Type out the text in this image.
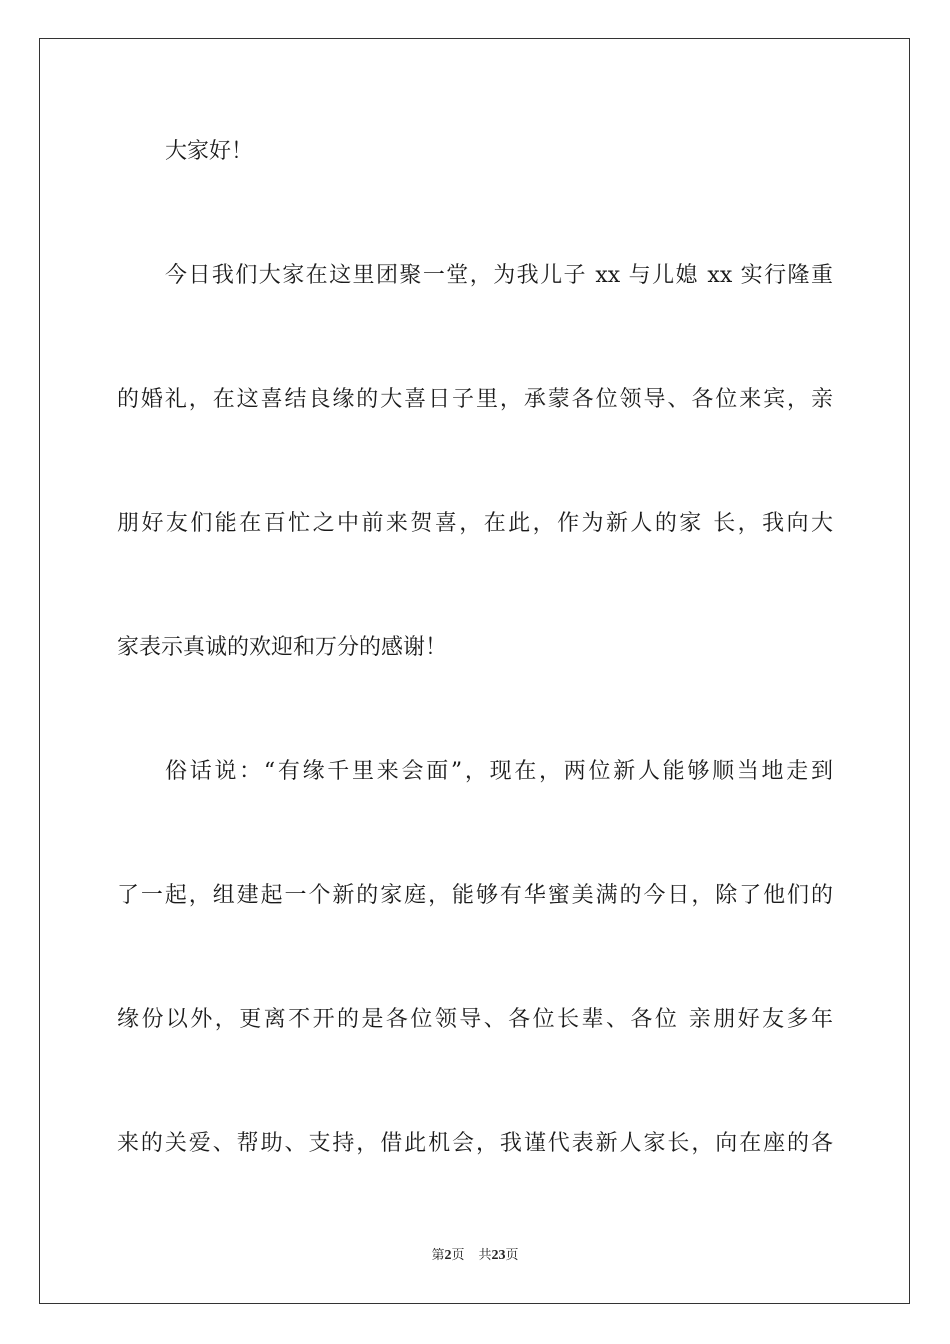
大家好！
今日我们大家在这里团聚一堂，为我儿子 xx 与儿媳 xx 实行隆重
的婚礼，在这喜结良缘的大喜日子里，承蒙各位领导、各位来宾，亲
朋好友们能在百忙之中前来贺喜，在此，作为新人的家 长，我向大
家表示真诚的欢迎和万分的感谢！
俗话说：“有缘千里来会面”，现在，两位新人能够顺当地走到
了一起，组建起一个新的家庭，能够有华蜜美满的今日，除了他们的
缘份以外，更离不开的是各位领导、各位长辈、各位 亲朋好友多年
来的关爱、帮助、支持，借此机会，我谨代表新人家长，向在座的各
第2页 共23页
